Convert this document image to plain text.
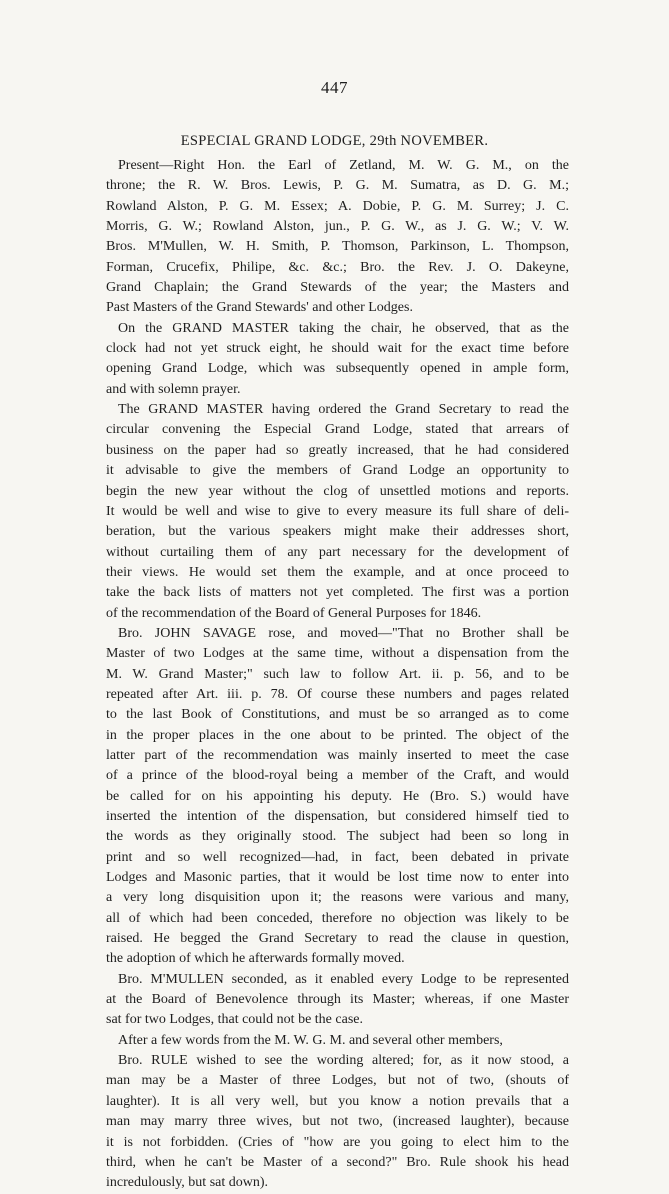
447
ESPECIAL GRAND LODGE, 29th NOVEMBER.

Present—Right Hon. the Earl of Zetland, M. W. G. M., on the
throne; the R. W. Bros. Lewis, P. G. M. Sumatra, as D. G. M.;
Rowland Alston, P. G. M. Essex; A. Dobie, P. G. M. Surrey; J. C.
Morris, G. W.; Rowland Alston, jun., P. G. W., as J. G. W.; V. W.
Bros. M'Mullen, W. H. Smith, P. Thomson, Parkinson, L. Thompson,
Forman, Crucefix, Philipe, &c. &c.; Bro. the Rev. J. O. Dakeyne,
Grand Chaplain; the Grand Stewards of the year; the Masters and
Past Masters of the Grand Stewards' and other Lodges.

On the GRAND MASTER taking the chair, he observed, that as the
clock had not yet struck eight, he should wait for the exact time before
opening Grand Lodge, which was subsequently opened in ample form,
and with solemn prayer.

The GRAND MASTER having ordered the Grand Secretary to read the
circular convening the Especial Grand Lodge, stated that arrears of
business on the paper had so greatly increased, that he had considered
it advisable to give the members of Grand Lodge an opportunity to
begin the new year without the clog of unsettled motions and reports.
It would be well and wise to give to every measure its full share of deli-
beration, but the various speakers might make their addresses short,
without curtailing them of any part necessary for the development of
their views. He would set them the example, and at once proceed to
take the back lists of matters not yet completed. The first was a portion
of the recommendation of the Board of General Purposes for 1846.

Bro. JOHN SAVAGE rose, and moved—"That no Brother shall be
Master of two Lodges at the same time, without a dispensation from the
M. W. Grand Master;" such law to follow Art. ii. p. 56, and to be
repeated after Art. iii. p. 78. Of course these numbers and pages related
to the last Book of Constitutions, and must be so arranged as to come
in the proper places in the one about to be printed. The object of the
latter part of the recommendation was mainly inserted to meet the case
of a prince of the blood-royal being a member of the Craft, and would
be called for on his appointing his deputy. He (Bro. S.) would have
inserted the intention of the dispensation, but considered himself tied to
the words as they originally stood. The subject had been so long in
print and so well recognized—had, in fact, been debated in private
Lodges and Masonic parties, that it would be lost time now to enter into
a very long disquisition upon it; the reasons were various and many,
all of which had been conceded, therefore no objection was likely to be
raised. He begged the Grand Secretary to read the clause in question,
the adoption of which he afterwards formally moved.

Bro. M'MULLEN seconded, as it enabled every Lodge to be represented
at the Board of Benevolence through its Master; whereas, if one Master
sat for two Lodges, that could not be the case.

After a few words from the M. W. G. M. and several other members,

Bro. RULE wished to see the wording altered; for, as it now stood, a
man may be a Master of three Lodges, but not of two, (shouts of
laughter). It is all very well, but you know a notion prevails that a
man may marry three wives, but not two, (increased laughter), because
it is not forbidden. (Cries of "how are you going to elect him to the
third, when he can't be Master of a second?" Bro. Rule shook his head
incredulously, but sat down).
